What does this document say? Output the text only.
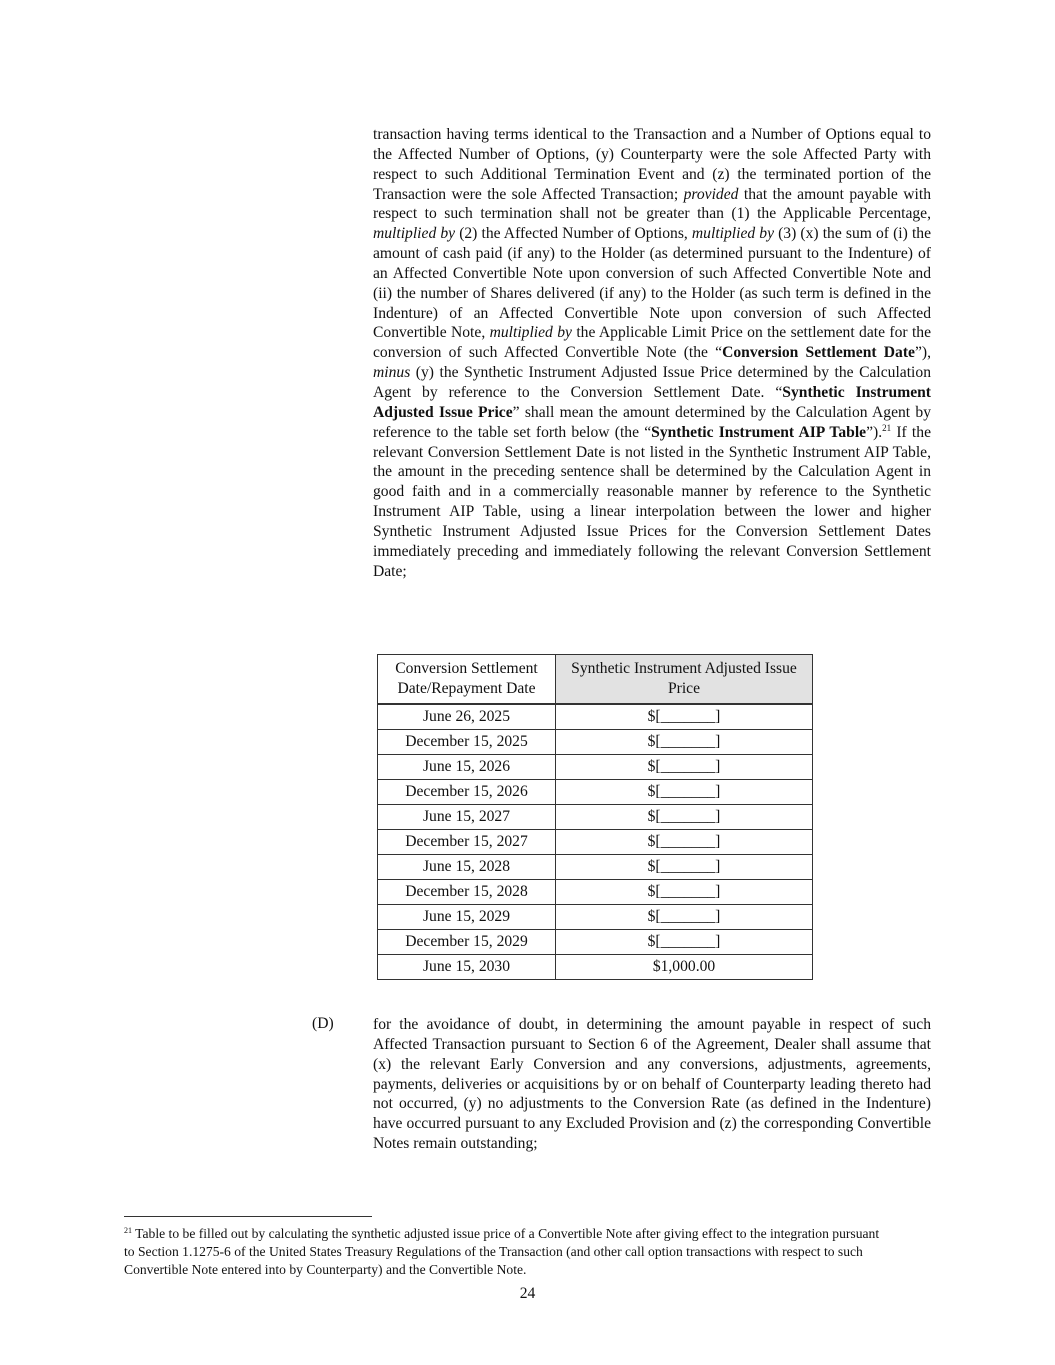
transaction having terms identical to the Transaction and a Number of Options equal to the Affected Number of Options, (y) Counterparty were the sole Affected Party with respect to such Additional Termination Event and (z) the terminated portion of the Transaction were the sole Affected Transaction; provided that the amount payable with respect to such termination shall not be greater than (1) the Applicable Percentage, multiplied by (2) the Affected Number of Options, multiplied by (3) (x) the sum of (i) the amount of cash paid (if any) to the Holder (as determined pursuant to the Indenture) of an Affected Convertible Note upon conversion of such Affected Convertible Note and (ii) the number of Shares delivered (if any) to the Holder (as such term is defined in the Indenture) of an Affected Convertible Note upon conversion of such Affected Convertible Note, multiplied by the Applicable Limit Price on the settlement date for the conversion of such Affected Convertible Note (the “Conversion Settlement Date”), minus (y) the Synthetic Instrument Adjusted Issue Price determined by the Calculation Agent by reference to the Conversion Settlement Date. “Synthetic Instrument Adjusted Issue Price” shall mean the amount determined by the Calculation Agent by reference to the table set forth below (the “Synthetic Instrument AIP Table”).$^{21}$ If the relevant Conversion Settlement Date is not listed in the Synthetic Instrument AIP Table, the amount in the preceding sentence shall be determined by the Calculation Agent in good faith and in a commercially reasonable manner by reference to the Synthetic Instrument AIP Table, using a linear interpolation between the lower and higher Synthetic Instrument Adjusted Issue Prices for the Conversion Settlement Dates immediately preceding and immediately following the relevant Conversion Settlement Date;

Conversion Settlement Date/Repayment Date	Synthetic Instrument Adjusted Issue Price
June 26, 2025	$[_______]
December 15, 2025	$[_______]
June 15, 2026	$[_______]
December 15, 2026	$[_______]
June 15, 2027	$[_______]
December 15, 2027	$[_______]
June 15, 2028	$[_______]
December 15, 2028	$[_______]
June 15, 2029	$[_______]
December 15, 2029	$[_______]
June 15, 2030	$1,000.00

(D)	for the avoidance of doubt, in determining the amount payable in respect of such Affected Transaction pursuant to Section 6 of the Agreement, Dealer shall assume that (x) the relevant Early Conversion and any conversions, adjustments, agreements, payments, deliveries or acquisitions by or on behalf of Counterparty leading thereto had not occurred, (y) no adjustments to the Conversion Rate (as defined in the Indenture) have occurred pursuant to any Excluded Provision and (z) the corresponding Convertible Notes remain outstanding;

$^{21}$ Table to be filled out by calculating the synthetic adjusted issue price of a Convertible Note after giving effect to the integration pursuant to Section 1.1275-6 of the United States Treasury Regulations of the Transaction (and other call option transactions with respect to such Convertible Note entered into by Counterparty) and the Convertible Note.

24
